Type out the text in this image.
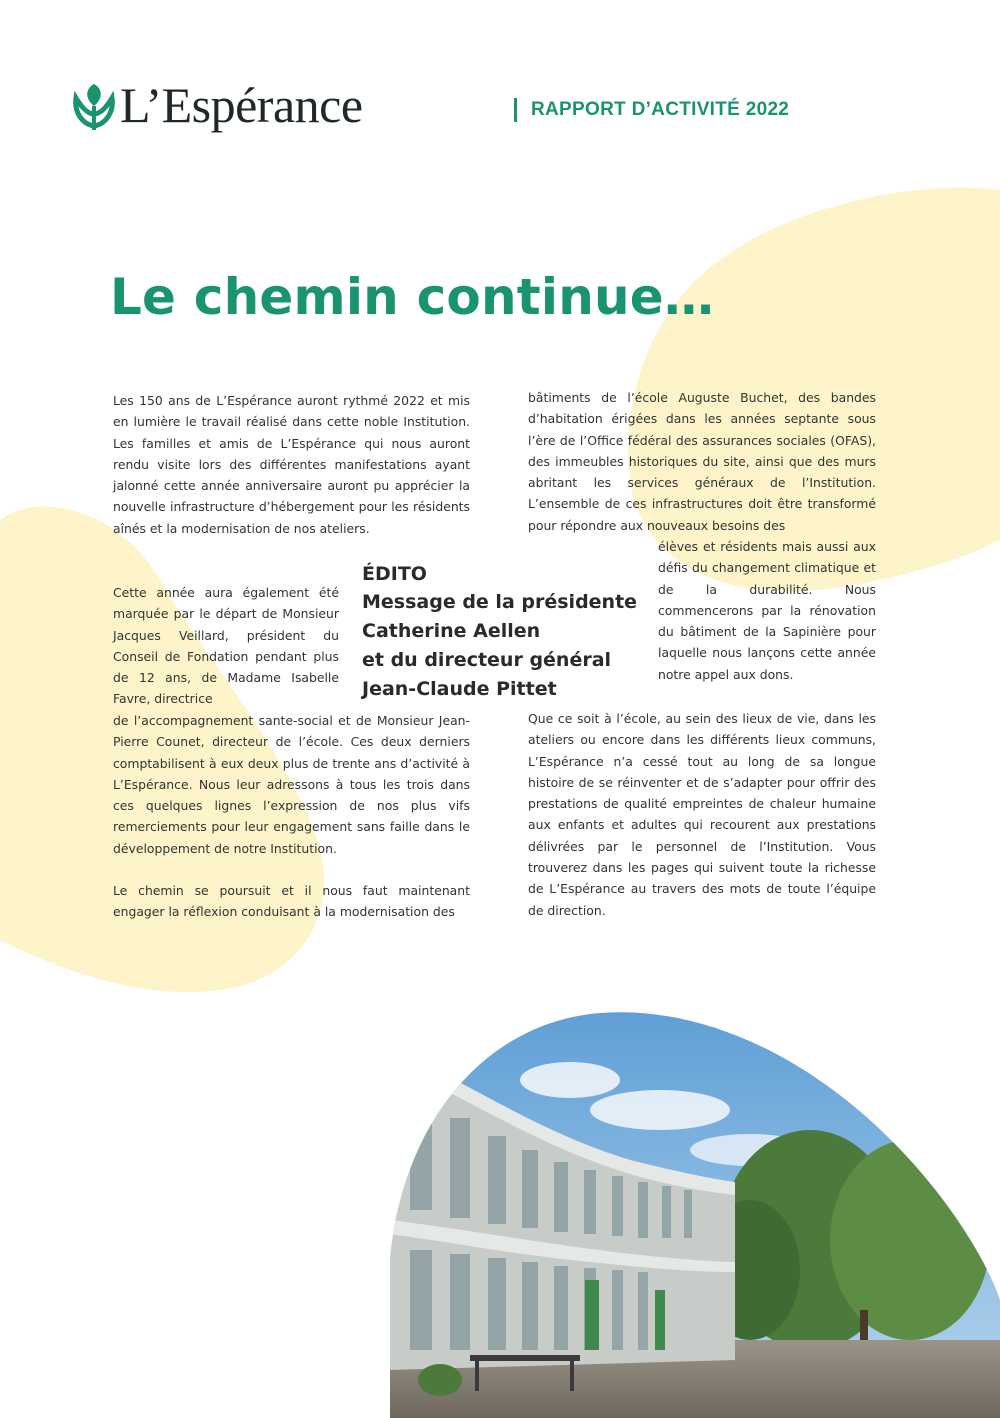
L’Espérance	RAPPORT D’ACTIVITÉ 2022
Le chemin continue…

Les 150 ans de L’Espérance auront rythmé 2022 et mis en lumière le travail réalisé dans cette noble Institution. Les familles et amis de L’Espérance qui nous auront rendu visite lors des différentes manifestations ayant jalonné cette année anniversaire auront pu apprécier la nouvelle infrastructure d’hébergement pour les résidents aînés et la modernisation de nos ateliers.

Cette année aura également été marquée par le départ de Monsieur Jacques Veillard, président du Conseil de Fondation pendant plus de 12 ans, de Madame Isabelle Favre, directrice

de l’accompagnement sante-social et de Monsieur Jean-Pierre Counet, directeur de l’école. Ces deux derniers comptabilisent à eux deux plus de trente ans d’activité à L’Espérance. Nous leur adressons à tous les trois dans ces quelques lignes l’expression de nos plus vifs remerciements pour leur engagement sans faille dans le développement de notre Institution.

Le chemin se poursuit et il nous faut maintenant engager la réflexion conduisant à la modernisation des

bâtiments de l’école Auguste Buchet, des bandes d’habitation érigées dans les années septante sous l’ère de l’Office fédéral des assurances sociales (OFAS), des immeubles historiques du site, ainsi que des murs abritant les services généraux de l’Institution. L’ensemble de ces infrastructures doit être transformé pour répondre aux nouveaux besoins des

élèves et résidents mais aussi aux défis du changement climatique et de la durabilité. Nous commencerons par la rénovation du bâtiment de la Sapinière pour laquelle nous lançons cette année notre appel aux dons.

Que ce soit à l’école, au sein des lieux de vie, dans les ateliers ou encore dans les différents lieux communs, L’Espérance n’a cessé tout au long de sa longue histoire de se réinventer et de s’adapter pour offrir des prestations de qualité empreintes de chaleur humaine aux enfants et adultes qui recourent aux prestations délivrées par le personnel de l’Institution. Vous trouverez dans les pages qui suivent toute la richesse de L’Espérance au travers des mots de toute l’équipe de direction.

ÉDITO
Message de la présidente
Catherine Aellen
et du directeur général
Jean-Claude Pittet
